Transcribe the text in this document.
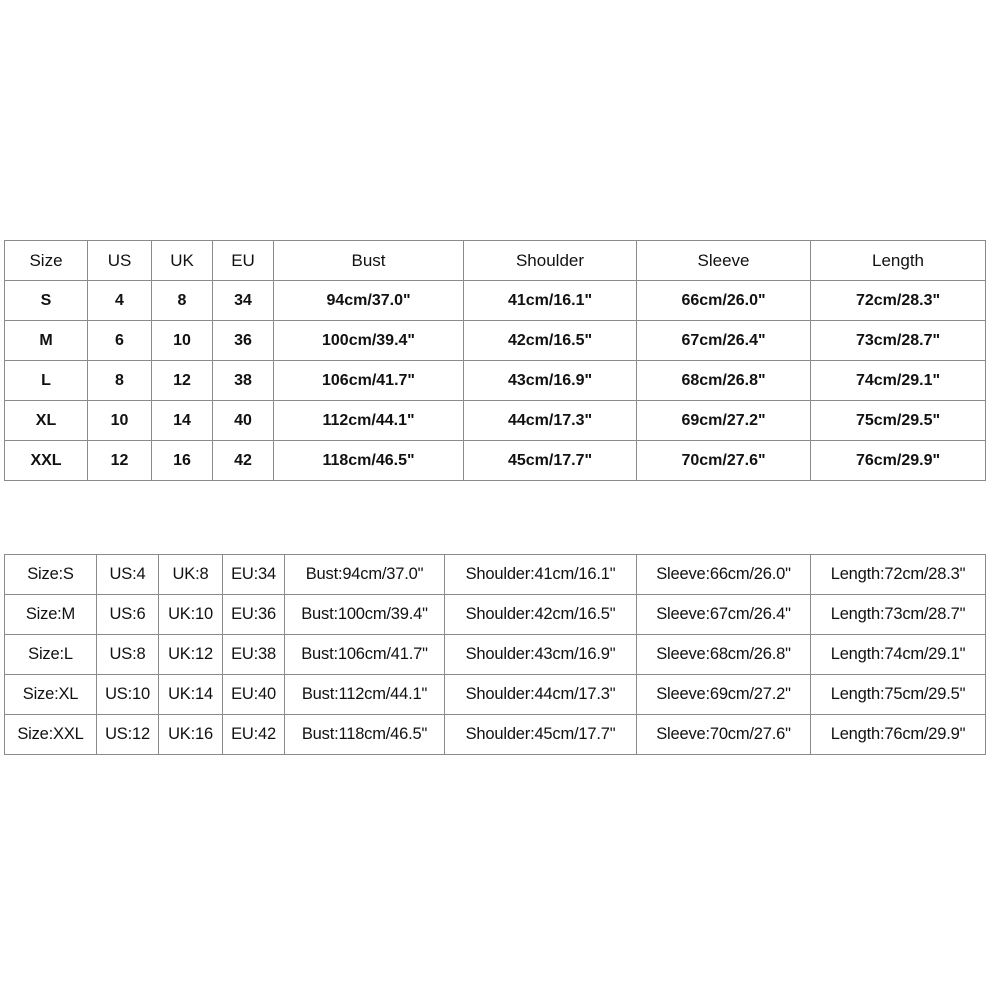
Size	US	UK	EU	Bust	Shoulder	Sleeve	Length
S	4	8	34	94cm/37.0"	41cm/16.1"	66cm/26.0"	72cm/28.3"
M	6	10	36	100cm/39.4"	42cm/16.5"	67cm/26.4"	73cm/28.7"
L	8	12	38	106cm/41.7"	43cm/16.9"	68cm/26.8"	74cm/29.1"
XL	10	14	40	112cm/44.1"	44cm/17.3"	69cm/27.2"	75cm/29.5"
XXL	12	16	42	118cm/46.5"	45cm/17.7"	70cm/27.6"	76cm/29.9"
Size:S	US:4	UK:8	EU:34	Bust:94cm/37.0"	Shoulder:41cm/16.1"	Sleeve:66cm/26.0"	Length:72cm/28.3"
Size:M	US:6	UK:10	EU:36	Bust:100cm/39.4"	Shoulder:42cm/16.5"	Sleeve:67cm/26.4"	Length:73cm/28.7"
Size:L	US:8	UK:12	EU:38	Bust:106cm/41.7"	Shoulder:43cm/16.9"	Sleeve:68cm/26.8"	Length:74cm/29.1"
Size:XL	US:10	UK:14	EU:40	Bust:112cm/44.1"	Shoulder:44cm/17.3"	Sleeve:69cm/27.2"	Length:75cm/29.5"
Size:XXL	US:12	UK:16	EU:42	Bust:118cm/46.5"	Shoulder:45cm/17.7"	Sleeve:70cm/27.6"	Length:76cm/29.9"
